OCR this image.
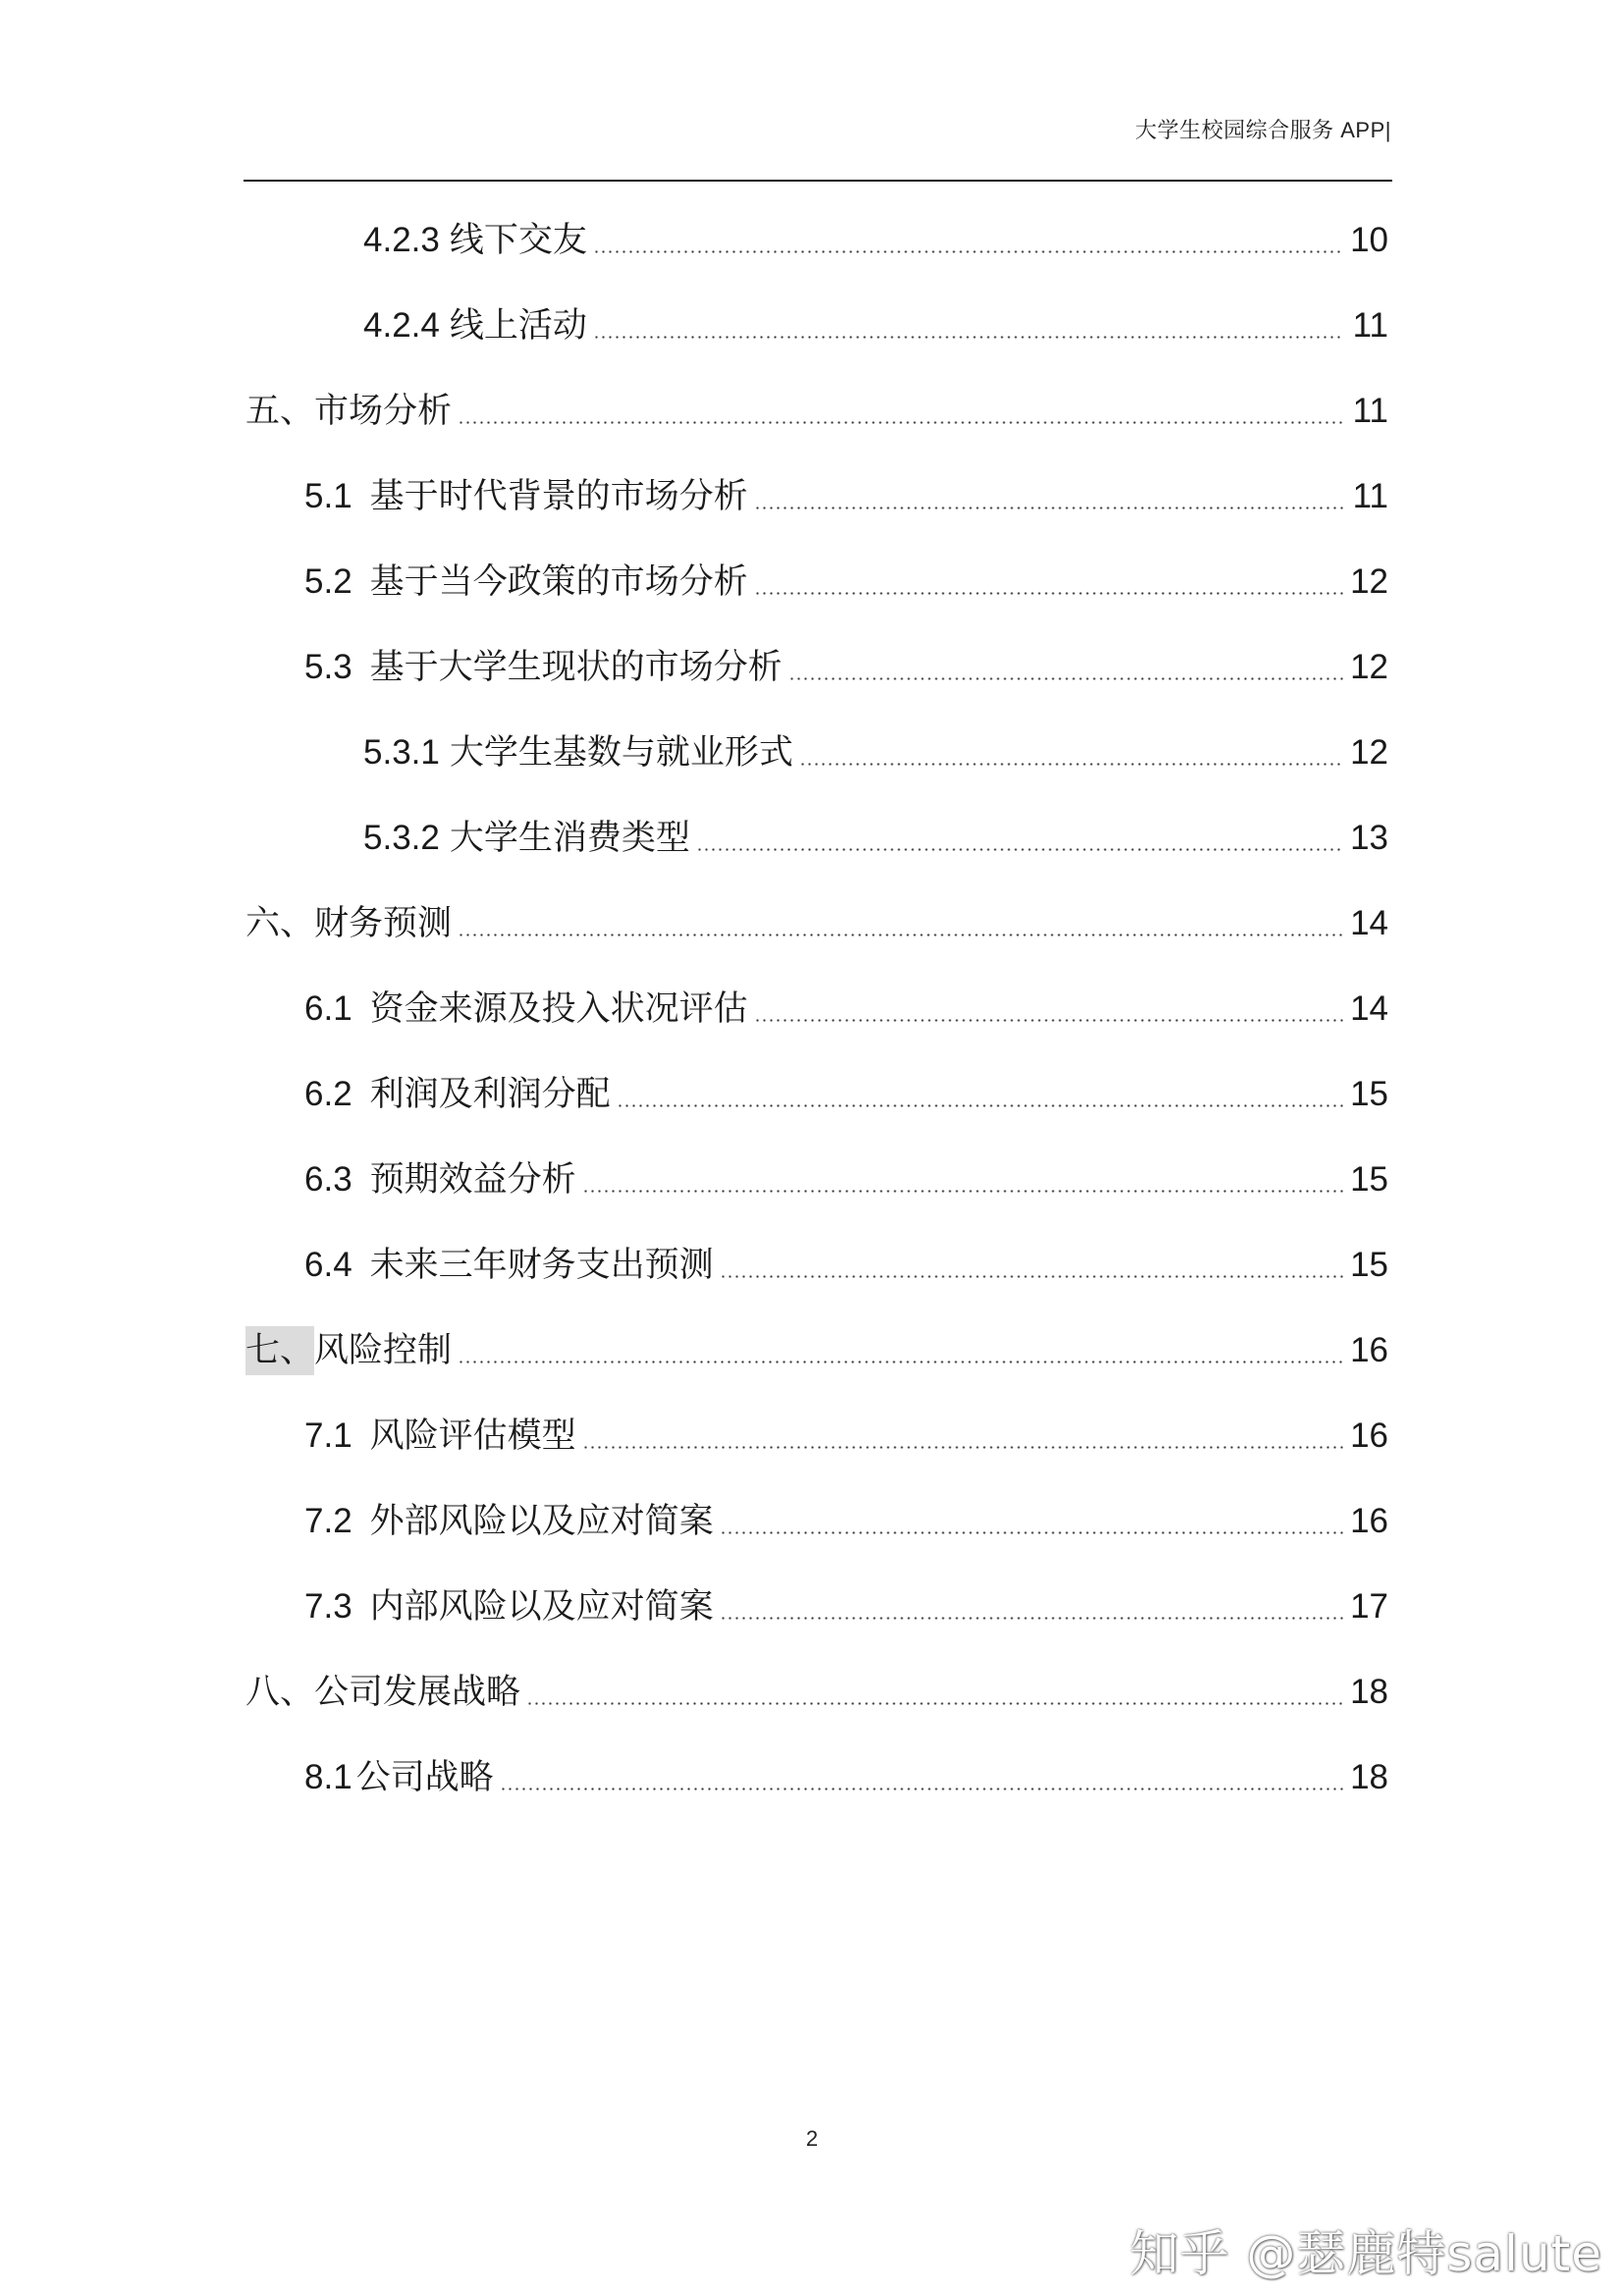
大学生校园综合服务 APP|
4.2.3 线下交友	10
4.2.4 线上活动	11
五、 市场分析	11
5.1 基于时代背景的市场分析	11
5.2 基于当今政策的市场分析	12
5.3 基于大学生现状的市场分析	12
5.3.1 大学生基数与就业形式	12
5.3.2 大学生消费类型	13
六、 财务预测	14
6.1 资金来源及投入状况评估	14
6.2 利润及利润分配	15
6.3 预期效益分析	15
6.4 未来三年财务支出预测	15
七、 风险控制	16
7.1 风险评估模型	16
7.2 外部风险以及应对简案	16
7.3 内部风险以及应对简案	17
八、 公司发展战略	18
8.1 公司战略	18
2
知乎 @瑟鹿特salute
